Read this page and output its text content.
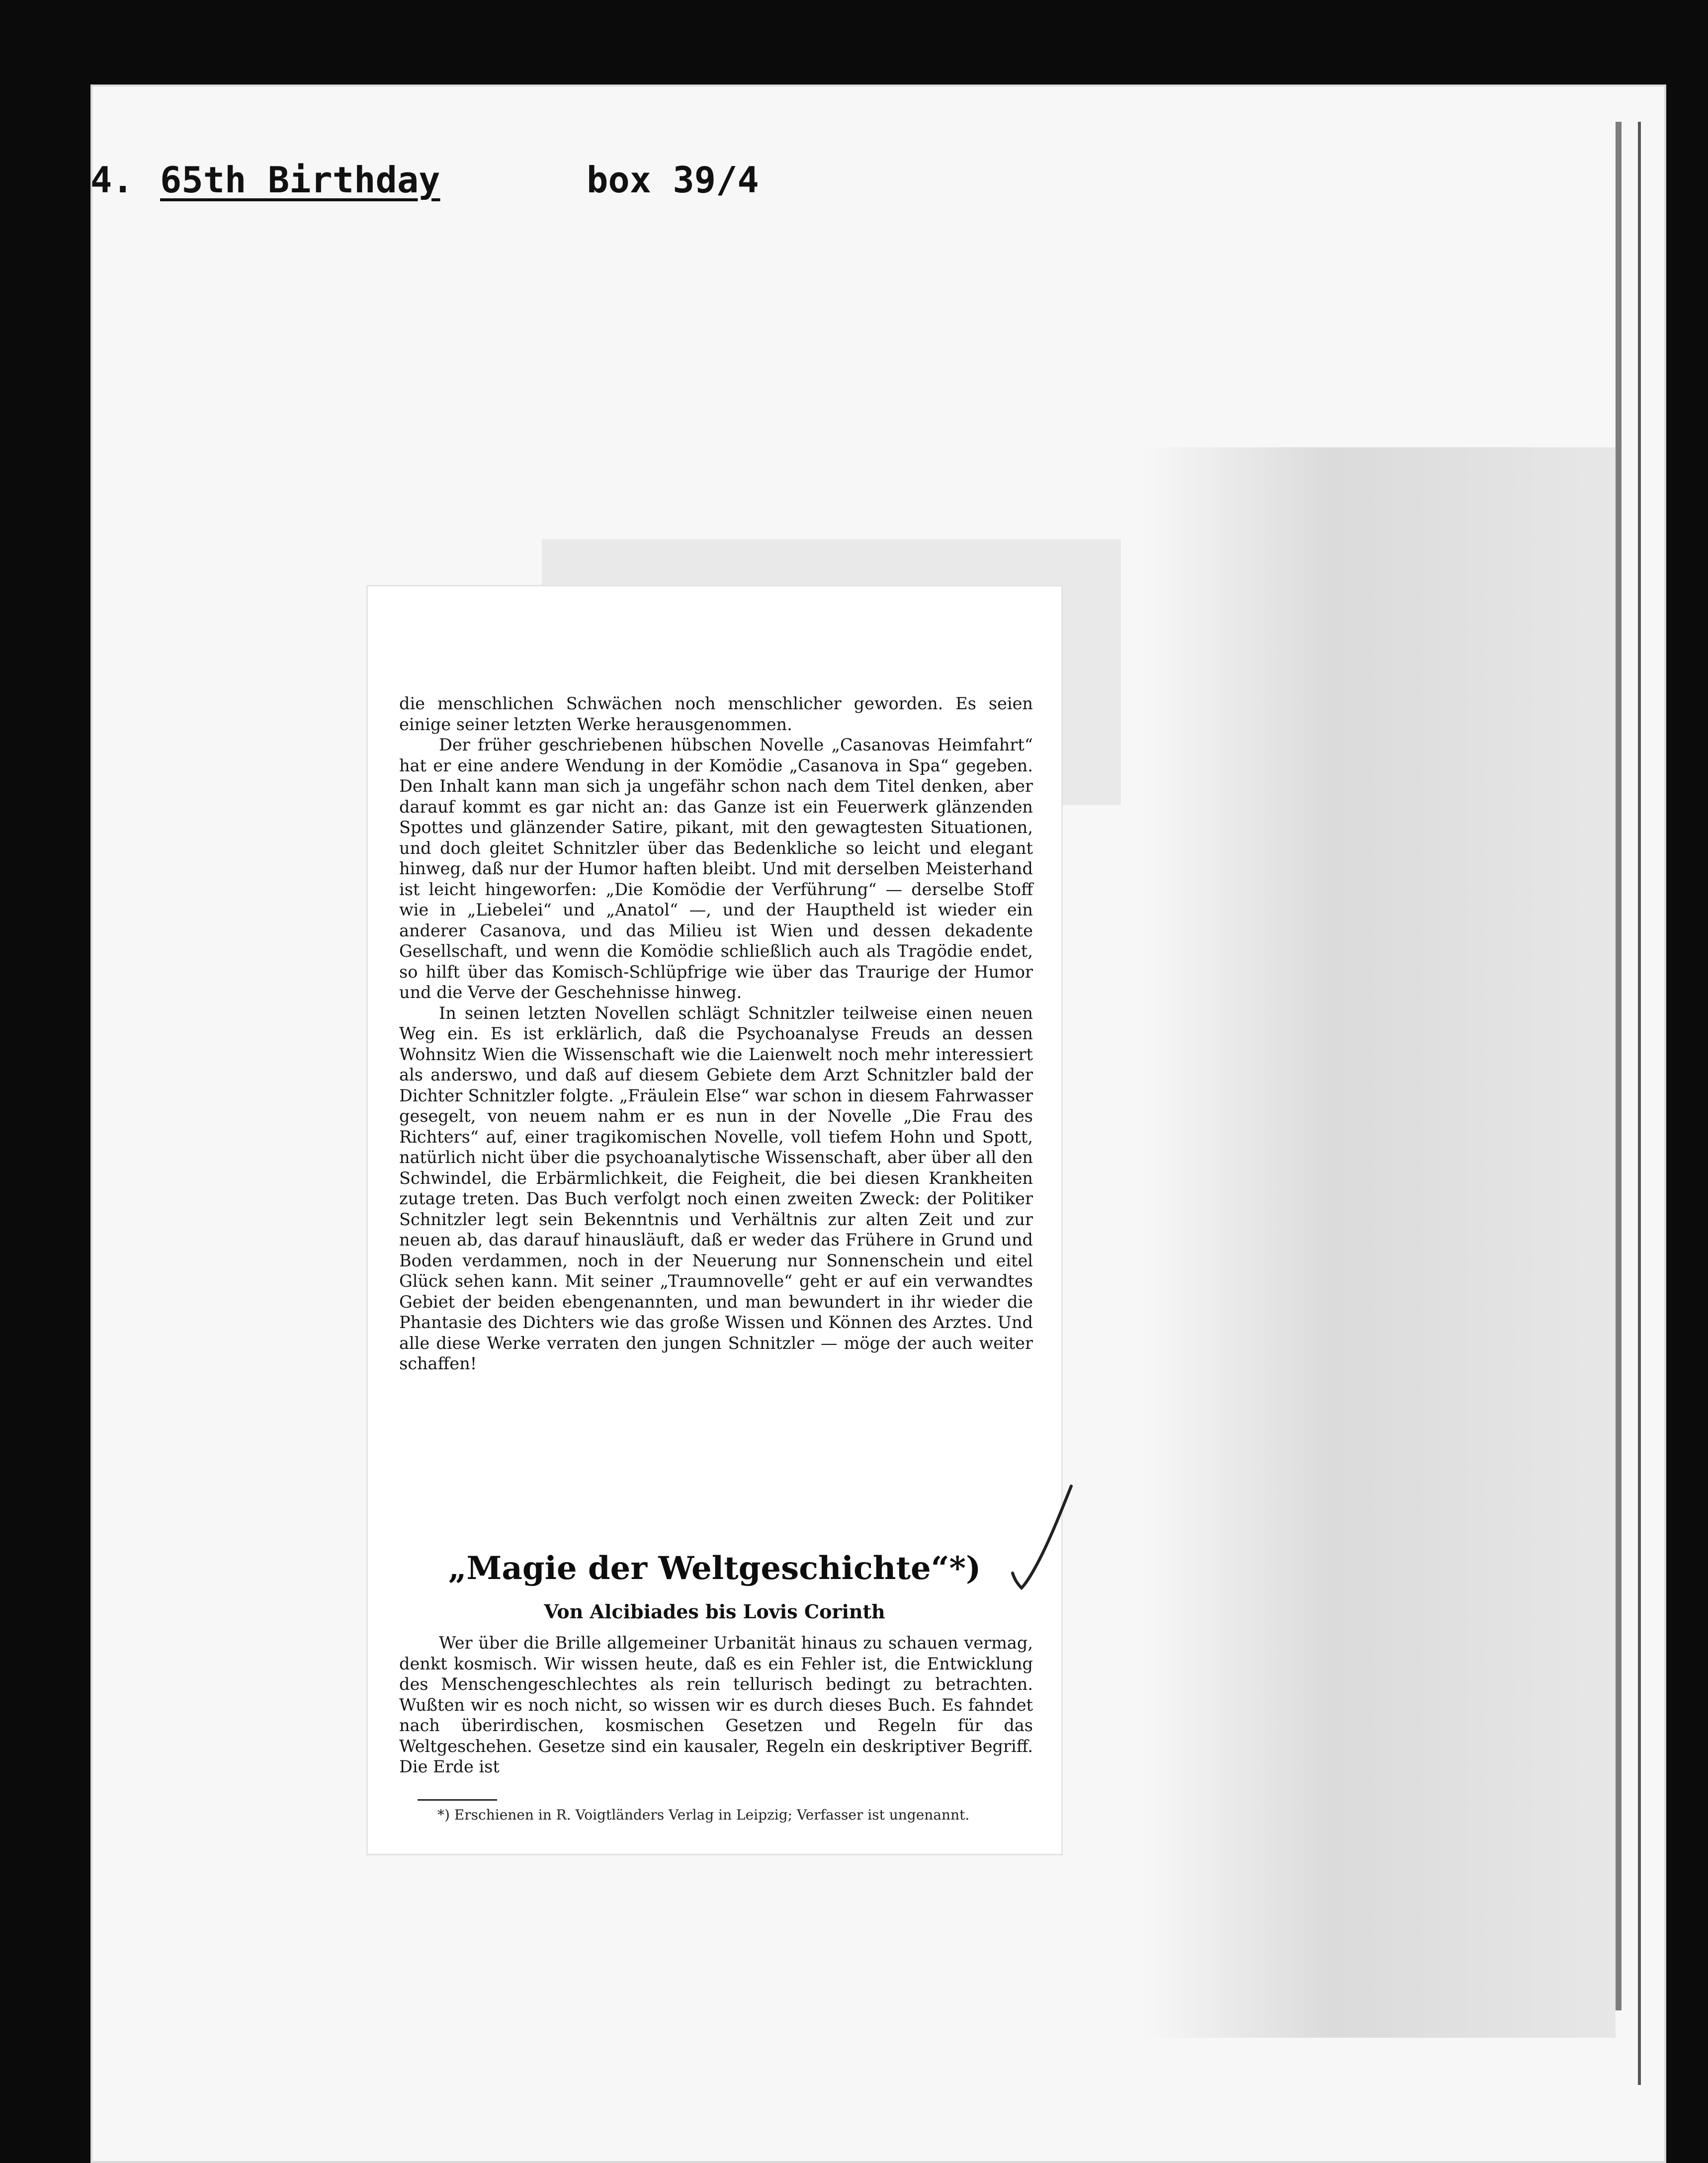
4. 65th Birthday	box 39/4

die menschlichen Schwächen noch menschlicher geworden. Es seien einige seiner letzten Werke herausgenommen.

Der früher geschriebenen hübschen Novelle „Casanovas Heimfahrt“ hat er eine andere Wendung in der Komödie „Casanova in Spa“ gegeben. Den Inhalt kann man sich ja ungefähr schon nach dem Titel denken, aber darauf kommt es gar nicht an: das Ganze ist ein Feuerwerk glänzenden Spottes und glänzender Satire, pikant, mit den gewagtesten Situationen, und doch gleitet Schnitzler über das Bedenkliche so leicht und elegant hinweg, daß nur der Humor haften bleibt. Und mit derselben Meisterhand ist leicht hingeworfen: „Die Komödie der Verführung“ — derselbe Stoff wie in „Liebelei“ und „Anatol“ —, und der Hauptheld ist wieder ein anderer Casanova, und das Milieu ist Wien und dessen dekadente Gesellschaft, und wenn die Komödie schließlich auch als Tragödie endet, so hilft über das Komisch-Schlüpfrige wie über das Traurige der Humor und die Verve der Geschehnisse hinweg.

In seinen letzten Novellen schlägt Schnitzler teilweise einen neuen Weg ein. Es ist erklärlich, daß die Psychoanalyse Freuds an dessen Wohnsitz Wien die Wissenschaft wie die Laienwelt noch mehr interessiert als anderswo, und daß auf diesem Gebiete dem Arzt Schnitzler bald der Dichter Schnitzler folgte. „Fräulein Else“ war schon in diesem Fahrwasser gesegelt, von neuem nahm er es nun in der Novelle „Die Frau des Richters“ auf, einer tragikomischen Novelle, voll tiefem Hohn und Spott, natürlich nicht über die psychoanalytische Wissenschaft, aber über all den Schwindel, die Erbärmlichkeit, die Feigheit, die bei diesen Krankheiten zutage treten. Das Buch verfolgt noch einen zweiten Zweck: der Politiker Schnitzler legt sein Bekenntnis und Verhältnis zur alten Zeit und zur neuen ab, das darauf hinausläuft, daß er weder das Frühere in Grund und Boden verdammen, noch in der Neuerung nur Sonnenschein und eitel Glück sehen kann. Mit seiner „Traumnovelle“ geht er auf ein verwandtes Gebiet der beiden ebengenannten, und man bewundert in ihr wieder die Phantasie des Dichters wie das große Wissen und Können des Arztes. Und alle diese Werke verraten den jungen Schnitzler — möge der auch weiter schaffen!

„Magie der Weltgeschichte“*)
Von Alcibiades bis Lovis Corinth
Wer über die Brille allgemeiner Urbanität hinaus zu schauen vermag, denkt kosmisch. Wir wissen heute, daß es ein Fehler ist, die Entwicklung des Menschengeschlechtes als rein tellurisch bedingt zu betrachten. Wußten wir es noch nicht, so wissen wir es durch dieses Buch. Es fahndet nach überirdischen, kosmischen Gesetzen und Regeln für das Weltgeschehen. Gesetze sind ein kausaler, Regeln ein deskriptiver Begriff. Die Erde ist
*) Erschienen in R. Voigtländers Verlag in Leipzig; Verfasser ist ungenannt.
